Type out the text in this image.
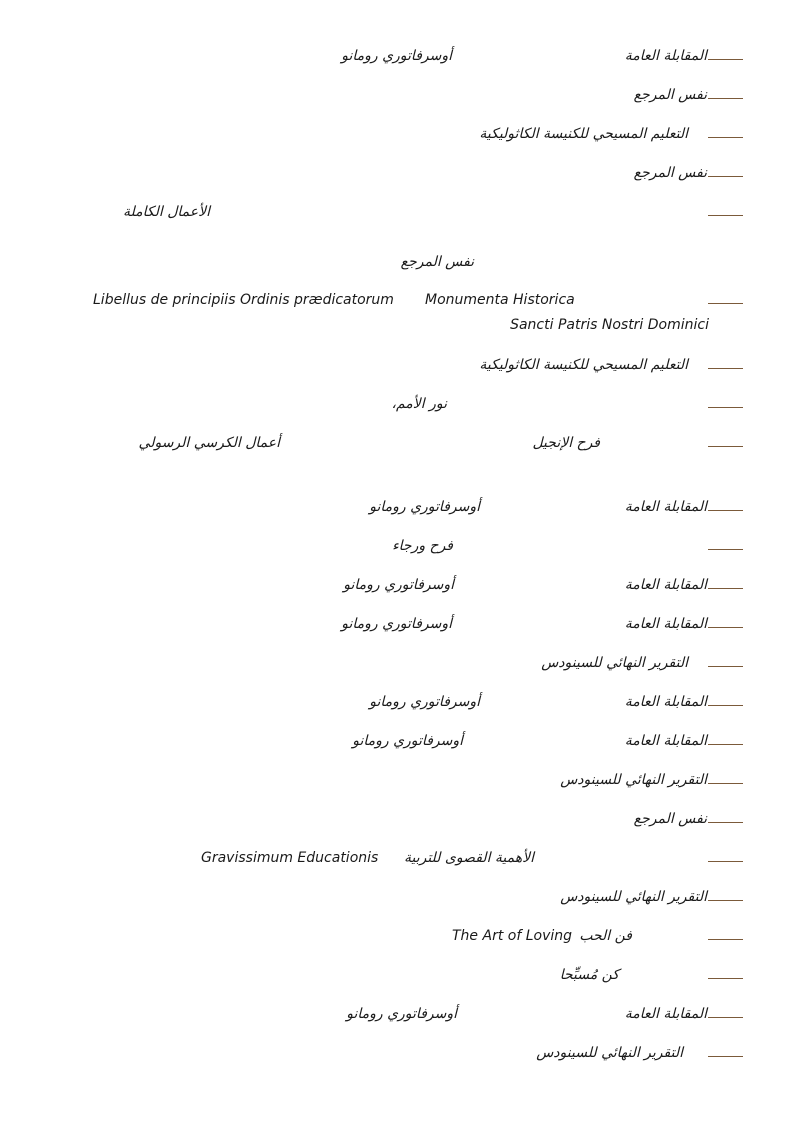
المقابلة العامة
أوسرفاتوري رومانو
نفس المرجع
التعليم المسيحي للكنيسة الكاثوليكية
نفس المرجع
الأعمال الكاملة
نفس المرجع
Monumenta Historica
Libellus de principiis Ordinis prædicatorum
Sancti Patris Nostri Dominici
التعليم المسيحي للكنيسة الكاثوليكية
نور الأمم،
فرح الإنجيل
أعمال الكرسي الرسولي
المقابلة العامة
أوسرفاتوري رومانو
فرح ورجاء
المقابلة العامة
أوسرفاتوري رومانو
المقابلة العامة
أوسرفاتوري رومانو
التقرير النهائي للسينودس
المقابلة العامة
أوسرفاتوري رومانو
المقابلة العامة
أوسرفاتوري رومانو
التقرير النهائي للسينودس
نفس المرجع
الأهمية القصوى للتربية
Gravissimum Educationis
التقرير النهائي للسينودس
فن الحب
The Art of Loving
كن مُسبِّحا
المقابلة العامة
أوسرفاتوري رومانو
التقرير النهائي للسينودس
